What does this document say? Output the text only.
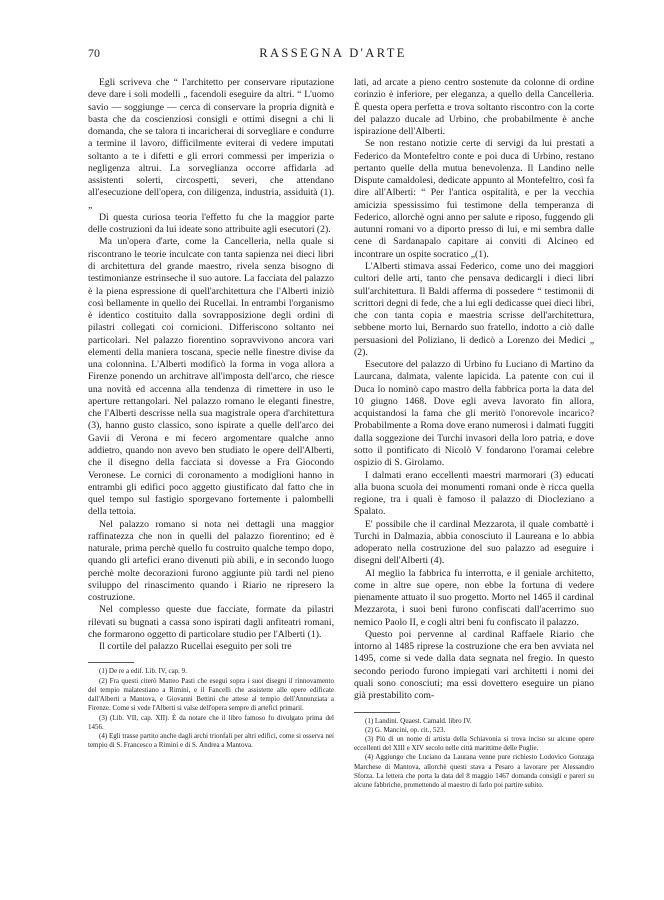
70	RASSEGNA D'ARTE

Egli scriveva che “ l'architetto per conservare riputazione deve dare i soli modelli „ facendoli eseguire da altri. “ L'uomo savio — soggiunge — cerca di conservare la propria dignità e basta che da coscienziosi consigli e ottimi disegni a chi li domanda, che se talora ti incaricherai di sorvegliare e condurre a termine il lavoro, difficilmente eviterai di vedere imputati soltanto a te i difetti e gli errori commessi per imperizia o negligenza altrui. La sorveglianza occorre affidarla ad assistenti solerti, circospetti, severi, che attendano all'esecuzione dell'opera, con diligenza, industria, assiduità (1). „

Di questa curiosa teoria l'effetto fu che la maggior parte delle costruzioni da lui ideate sono attribuite agli esecutori (2).

Ma un'opera d'arte, come la Cancelleria, nella quale si riscontrano le teorie inculcate con tanta sapienza nei dieci libri di architettura del grande maestro, rivela senza bisogno di testimonianze estrinseche il suo autore. La facciata del palazzo è la piena espressione di quell'architettura che l'Alberti iniziò così bellamente in quello dei Rucellai. In entrambi l'organismo è identico costituito dalla sovrapposizione degli ordini di pilastri collegati coi cornicioni. Differiscono soltanto nei particolari. Nel palazzo fiorentino sopravvivono ancora vari elementi della maniera toscana, specie nelle finestre divise da una colonnina. L'Alberti modificò la forma in voga allora a Firenze ponendo un architrave all'imposta dell'arco, che riesce una novità ed accenna alla tendenza di rimettere in uso le aperture rettangolari. Nel palazzo romano le eleganti finestre, che l'Alberti descrisse nella sua magistrale opera d'architettura (3), hanno gusto classico, sono ispirate a quelle dell'arco dei Gavii di Verona e mi fecero argomentare qualche anno addietro, quando non avevo ben studiato le opere dell'Alberti, che il disegno della facciata si dovesse a Fra Giocondo Veronese. Le cornici di coronamento a modiglioni hanno in entrambi gli edifici poco aggetto giustificato dal fatto che in quel tempo sul fastigio sporgevano fortemente i palombelli della tettoia.

Nel palazzo romano si nota nei dettagli una maggior raffinatezza che non in quelli del palazzo fiorentino; ed è naturale, prima perchè quello fu costruito qualche tempo dopo, quando gli artefici erano divenuti più abili, e in secondo luogo perchè molte decorazioni furono aggiunte più tardi nel pieno sviluppo del rinascimento quando i Riario ne ripresero la costruzione.

Nel complesso queste due facciate, formate da pilastri rilevati su bugnati a cassa sono ispirati dagli anfiteatri romani, che formarono oggetto di particolare studio per l'Alberti (1).

Il cortile del palazzo Rucellai eseguito per soli tre

(1) De re a edif. Lib. IV, cap. 9.

(2) Fra questi citerò Matteo Pasti che eseguì sopra i suoi disegni il rinnovamento del tempio malatestiano a Rimini, e il Fancelli che assistette alle opere edificate dall'Alberti a Mantova, e Giovanni Bettini che attese al tempio dell'Annunziata a Firenze. Come si vede l'Alberti si valse dell'opera sempre di artefici primarii.

(3) (Lib. VII, cap. XII). È da notare che il libro famoso fu divulgato prima del 1456.

(4) Egli trasse partito anche dagli archi trionfali per altri edifici, come si osserva nei tempio di S. Francesco a Rimini e di S. Andrea a Mantova.

lati, ad arcate a pieno centro sostenute da colonne di ordine corinzio è inferiore, per eleganza, a quello della Cancelleria. È questa opera perfetta e trova soltanto riscontro con la corte del palazzo ducale ad Urbino, che probabilmente è anche ispirazione dell'Alberti.

Se non restano notizie certe di servigi da lui prestati a Federico da Montefeltro conte e poi duca di Urbino, restano pertanto quelle della mutua benevolenza. Il Landino nelle Dispute camaldolesi, dedicate appunto al Montefeltro, così fa dire all'Alberti: “ Per l'antica ospitalità, e per la vecchia amicizia spessissimo fui testimone della temperanza di Federico, allorchè ogni anno per salute e riposo, fuggendo gli autunni romani vo a diporto presso di lui, e mi sembra dalle cene di Sardanapalo capitare ai conviti di Alcineo ed incontrare un ospite socratico „(1).

L'Alberti stimava assai Federico, come uno dei maggiori cultori delle arti, tanto che pensava dedicargli i dieci libri sull'architettura. Il Baldi afferma di possedere “ testimonii di scrittori degni di fede, che a lui egli dedicasse quei dieci libri, che con tanta copia e maestria scrisse dell'architettura, sebbene morto lui, Bernardo suo fratello, indotto a ciò dalle persuasioni del Poliziano, li dedicò a Lorenzo dei Medici „ (2).

Esecutore del palazzo di Urbino fu Luciano di Martino da Laurcana, dalmata, valente lapicida. La patente con cui il Duca lo nominò capo mastro della fabbrica porta la data del 10 giugno 1468. Dove egli aveva lavorato fin allora, acquistandosi la fama che gli meritò l'onorevole incarico? Probabilmente a Roma dove erano numerosi i dalmati fuggiti dalla soggezione dei Turchi invasori della loro patria, e dove sotto il pontificato di Nicolò V fondarono l'oramai celebre ospizio di S. Girolamo.

I dalmati erano eccellenti maestri marmorari (3) educati alla buona scuola dei monumenti romani onde è ricca quella regione, tra i quali è famoso il palazzo di Diocleziano a Spalato.

E' possibile che il cardinal Mezzarota, il quale combattè i Turchi in Dalmazia, abbia conosciuto il Laureana e lo abbia adoperato nella costruzione del suo palazzo ad eseguire i disegni dell'Alberti (4).

Al meglio la fabbrica fu interrotta, e il geniale architetto, come in altre sue opere, non ebbe la fortuna di vedere pienamente attuato il suo progetto. Morto nel 1465 il cardinal Mezzarota, i suoi beni furono confiscati dall'acerrimo suo nemico Paolo II, e cogli altri beni fu confiscato il palazzo.

Questo poi pervenne al cardinal Raffaele Riario che intorno al 1485 riprese la costruzione che era ben avviata nel 1495, come si vede dalla data segnata nel fregio. In questo secondo periodo furono impiegati vari architetti i nomi dei quali sono conosciuti; ma essi dovettero eseguire un piano già prestabilito com-

(1) Landini. Quaest. Camald. libro IV.

(2) G. Mancini, op. cit., 523.

(3) Più di un nome di artista della Schiavonia si trova inciso su alcune opere eccellenti del XIII e XIV secolo nelle città marittime delle Puglie.

(4) Aggiungo che Luciano da Laurana venne pure richiesto Lodovico Gonzaga Marchese di Mantova, allorchè questi stava a Pesaro a lavorare per Alessandro Sforza. La lettera che porta la data del 8 maggio 1467 domanda consigli e pareri su alcune fabbriche, promettendo al maestro di farlo poi partire subito.
